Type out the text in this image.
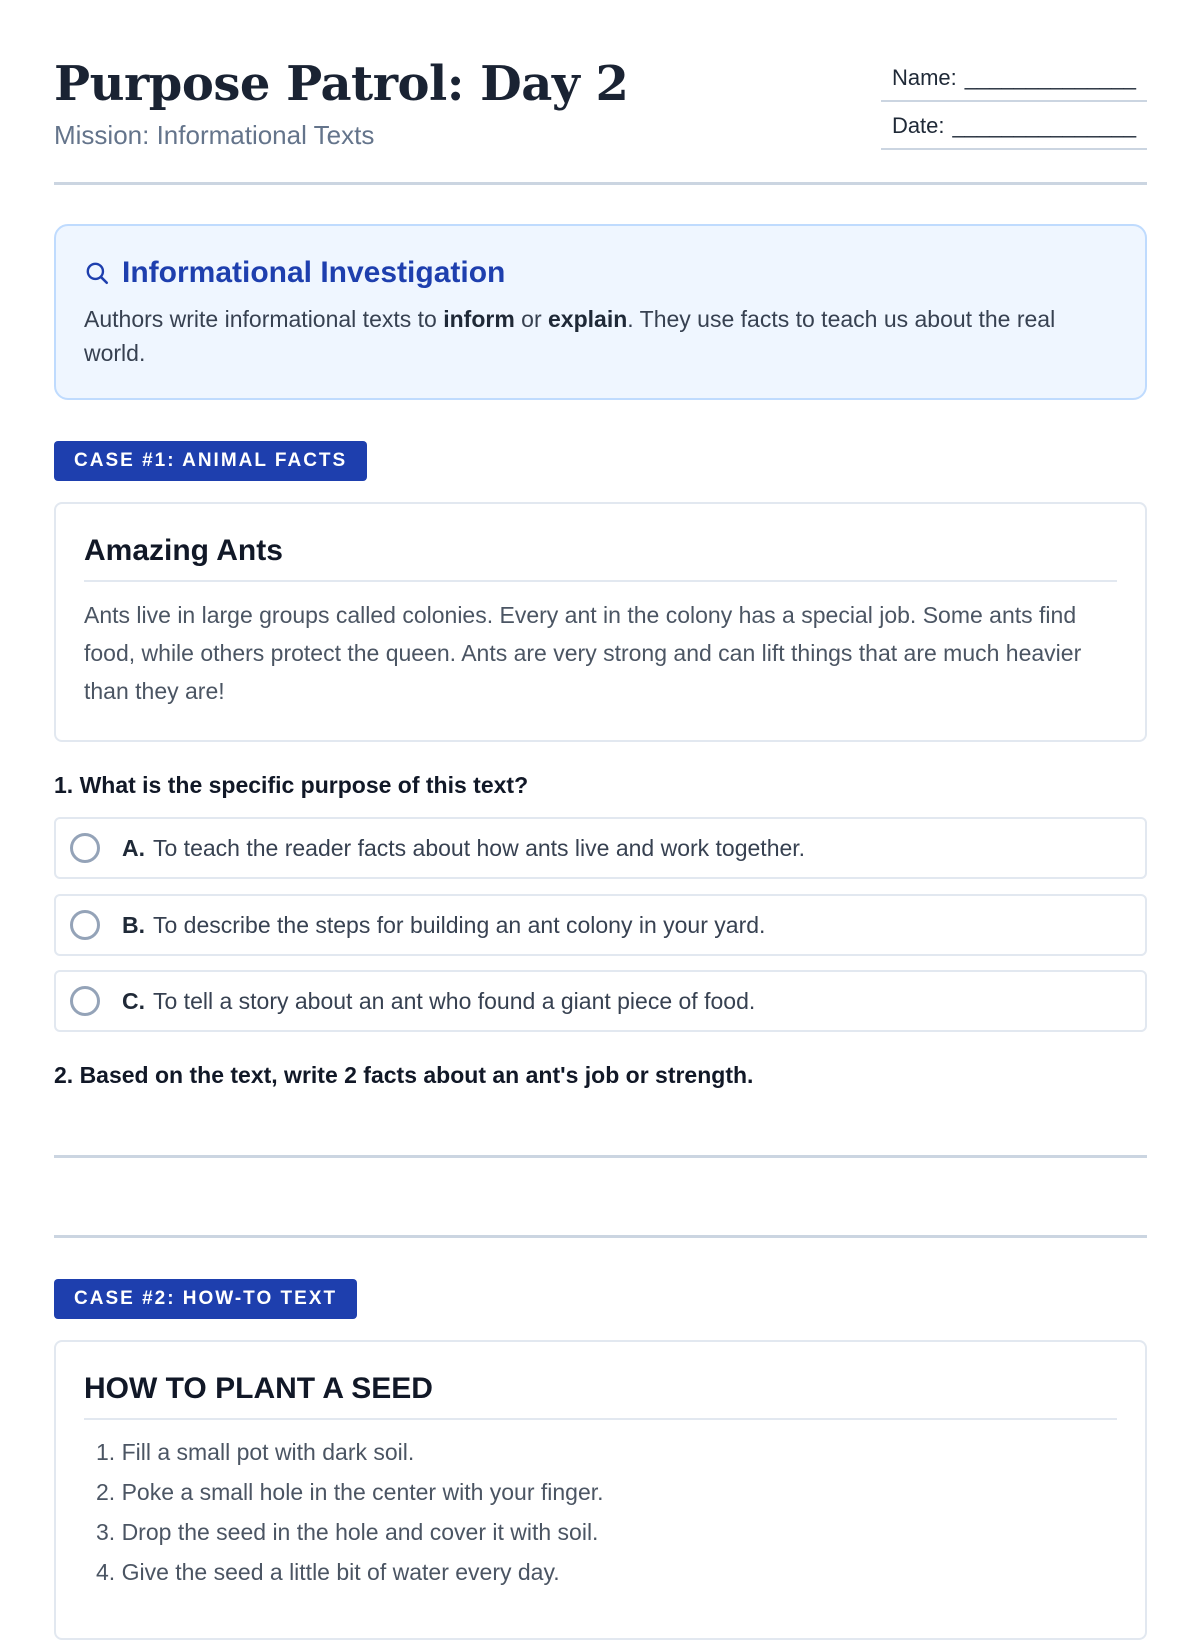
Purpose Patrol: Day 2
Mission: Informational Texts
Name: ______________
Date: _______________
Informational Investigation
Authors write informational texts to inform or explain. They use facts to teach us about the real world.
CASE #1: ANIMAL FACTS
Amazing Ants
Ants live in large groups called colonies. Every ant in the colony has a special job. Some ants find food, while others protect the queen. Ants are very strong and can lift things that are much heavier than they are!
1. What is the specific purpose of this text?
A. To teach the reader facts about how ants live and work together.
B. To describe the steps for building an ant colony in your yard.
C. To tell a story about an ant who found a giant piece of food.
2. Based on the text, write 2 facts about an ant's job or strength.
CASE #2: HOW-TO TEXT
HOW TO PLANT A SEED
1. Fill a small pot with dark soil.
2. Poke a small hole in the center with your finger.
3. Drop the seed in the hole and cover it with soil.
4. Give the seed a little bit of water every day.
